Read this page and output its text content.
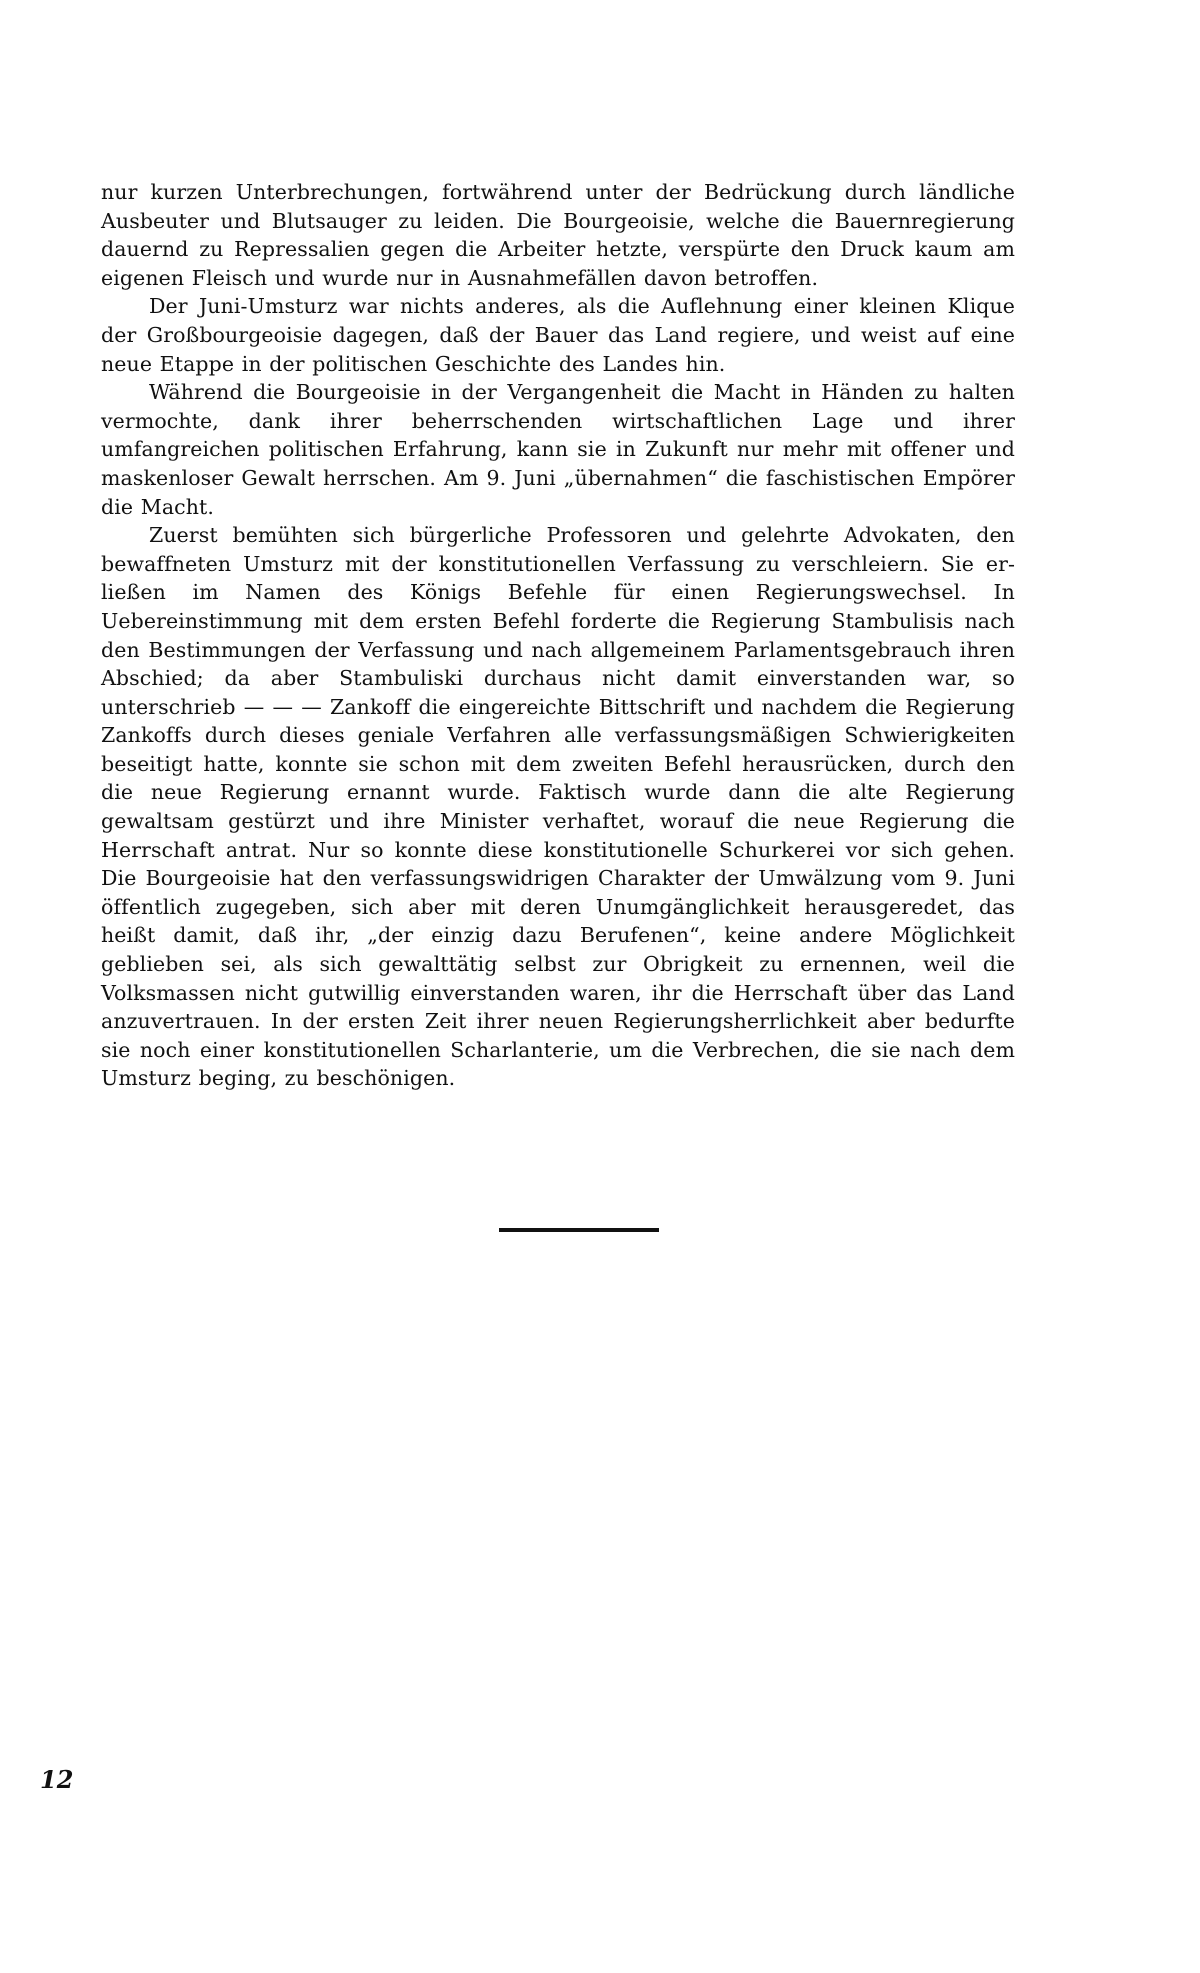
nur kurzen Unterbrechungen, fortwährend unter der Bedrückung durch ländliche Ausbeuter und Blutsauger zu leiden. Die Bourgeoisie, welche die Bauernregierung dauernd zu Repressalien gegen die Arbeiter hetzte, verspürte den Druck kaum am eigenen Fleisch und wurde nur in Ausnahmefällen davon betroffen.

Der Juni-Umsturz war nichts anderes, als die Auflehnung einer kleinen Klique der Großbourgeoisie dagegen, daß der Bauer das Land regiere, und weist auf eine neue Etappe in der politischen Geschichte des Landes hin.

Während die Bourgeoisie in der Vergangenheit die Macht in Händen zu halten vermochte, dank ihrer beherrschenden wirtschaftlichen Lage und ihrer umfangreichen politischen Erfahrung, kann sie in Zukunft nur mehr mit offener und maskenloser Gewalt herrschen. Am 9. Juni „übernahmen“ die faschistischen Empörer die Macht.

Zuerst bemühten sich bürgerliche Professoren und gelehrte Advokaten, den bewaffneten Umsturz mit der konstitutionellen Verfassung zu verschleiern. Sie er-ließen im Namen des Königs Befehle für einen Regierungswechsel. In Uebereinstimmung mit dem ersten Befehl forderte die Regierung Stambulisis nach den Bestimmungen der Verfassung und nach allgemeinem Parlamentsgebrauch ihren Abschied; da aber Stambuliski durchaus nicht damit einverstanden war, so unterschrieb — — — Zankoff die eingereichte Bittschrift und nachdem die Regierung Zankoffs durch dieses geniale Verfahren alle verfassungsmäßigen Schwierigkeiten beseitigt hatte, konnte sie schon mit dem zweiten Befehl herausrücken, durch den die neue Regierung ernannt wurde. Faktisch wurde dann die alte Regierung gewaltsam gestürzt und ihre Minister verhaftet, worauf die neue Regierung die Herrschaft antrat. Nur so konnte diese konstitutionelle Schurkerei vor sich gehen. Die Bourgeoisie hat den verfassungswidrigen Charakter der Umwälzung vom 9. Juni öffentlich zugegeben, sich aber mit deren Unumgänglichkeit herausgeredet, das heißt damit, daß ihr, „der einzig dazu Berufenen“, keine andere Möglichkeit geblieben sei, als sich gewalttätig selbst zur Obrigkeit zu ernennen, weil die Volksmassen nicht gutwillig einverstanden waren, ihr die Herrschaft über das Land anzuvertrauen. In der ersten Zeit ihrer neuen Regierungsherrlichkeit aber bedurfte sie noch einer konstitutionellen Scharlanterie, um die Verbrechen, die sie nach dem Umsturz beging, zu beschönigen.

12
